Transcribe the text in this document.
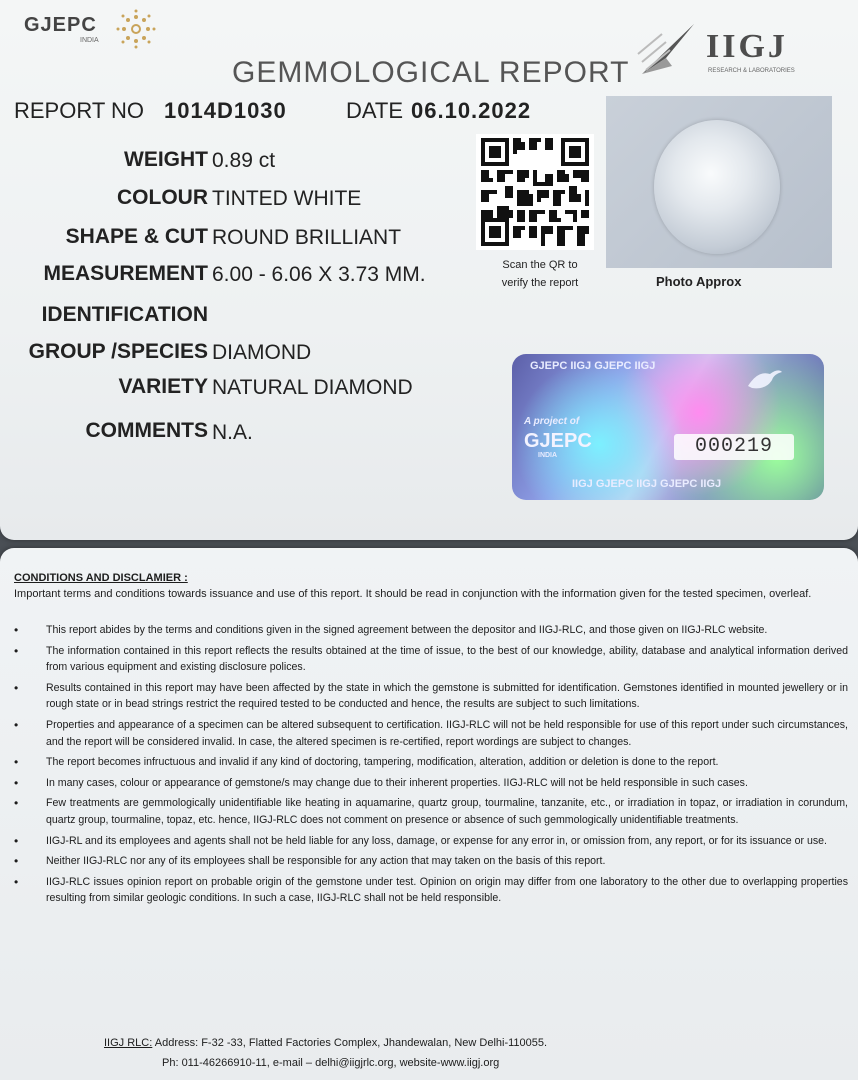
GJEPC
INDIA	IIGJ
RESEARCH & LABORATORIES
GEMMOLOGICAL REPORT
REPORT NO 1014D1030	DATE 06.10.2022
WEIGHT 0.89 ct
COLOUR TINTED WHITE
SHAPE & CUT ROUND BRILLIANT
MEASUREMENT 6.00 - 6.06 X 3.73 MM.
IDENTIFICATION
GROUP /SPECIES DIAMOND
VARIETY NATURAL DIAMOND
COMMENTS N.A.
Scan the QR to
verify the report	Photo Approx
GJEPC IIGJ GJEPC IIGJ
A project of
GJEPC
INDIA	000219
IIGJ GJEPC IIGJ GJEPC IIGJ
CONDITIONS AND DISCLAMIER :
Important terms and conditions towards issuance and use of this report. It should be read in conjunction with the information given for the tested specimen, overleaf.
•	This report abides by the terms and conditions given in the signed agreement between the depositor and IIGJ-RLC, and those given on IIGJ-RLC website.
•	The information contained in this report reflects the results obtained at the time of issue, to the best of our knowledge, ability, database and analytical information derived from various equipment and existing disclosure polices.
•	Results contained in this report may have been affected by the state in which the gemstone is submitted for identification. Gemstones identified in mounted jewellery or in rough state or in bead strings restrict the required tested to be conducted and hence, the results are subject to such limitations.
•	Properties and appearance of a specimen can be altered subsequent to certification. IIGJ-RLC will not be held responsible for use of this report under such circumstances, and the report will be considered invalid. In case, the altered specimen is re-certified, report wordings are subject to changes.
•	The report becomes infructuous and invalid if any kind of doctoring, tampering, modification, alteration, addition or deletion is done to the report.
•	In many cases, colour or appearance of gemstone/s may change due to their inherent properties. IIGJ-RLC will not be held responsible in such cases.
•	Few treatments are gemmologically unidentifiable like heating in aquamarine, quartz group, tourmaline, tanzanite, etc., or irradiation in topaz, or irradiation in corundum, quartz group, tourmaline, topaz, etc. hence, IIGJ-RLC does not comment on presence or absence of such gemmologically unidentifiable treatments.
•	IIGJ-RL and its employees and agents shall not be held liable for any loss, damage, or expense for any error in, or omission from, any report, or for its issuance or use.
•	Neither IIGJ-RLC nor any of its employees shall be responsible for any action that may taken on the basis of this report.
•	IIGJ-RLC issues opinion report on probable origin of the gemstone under test. Opinion on origin may differ from one laboratory to the other due to overlapping properties resulting from similar geologic conditions. In such a case, IIGJ-RLC shall not be held responsible.
IIGJ RLC: Address: F-32 -33, Flatted Factories Complex, Jhandewalan, New Delhi-110055.
Ph: 011-46266910-11, e-mail – delhi@iigjrlc.org, website-www.iigj.org
